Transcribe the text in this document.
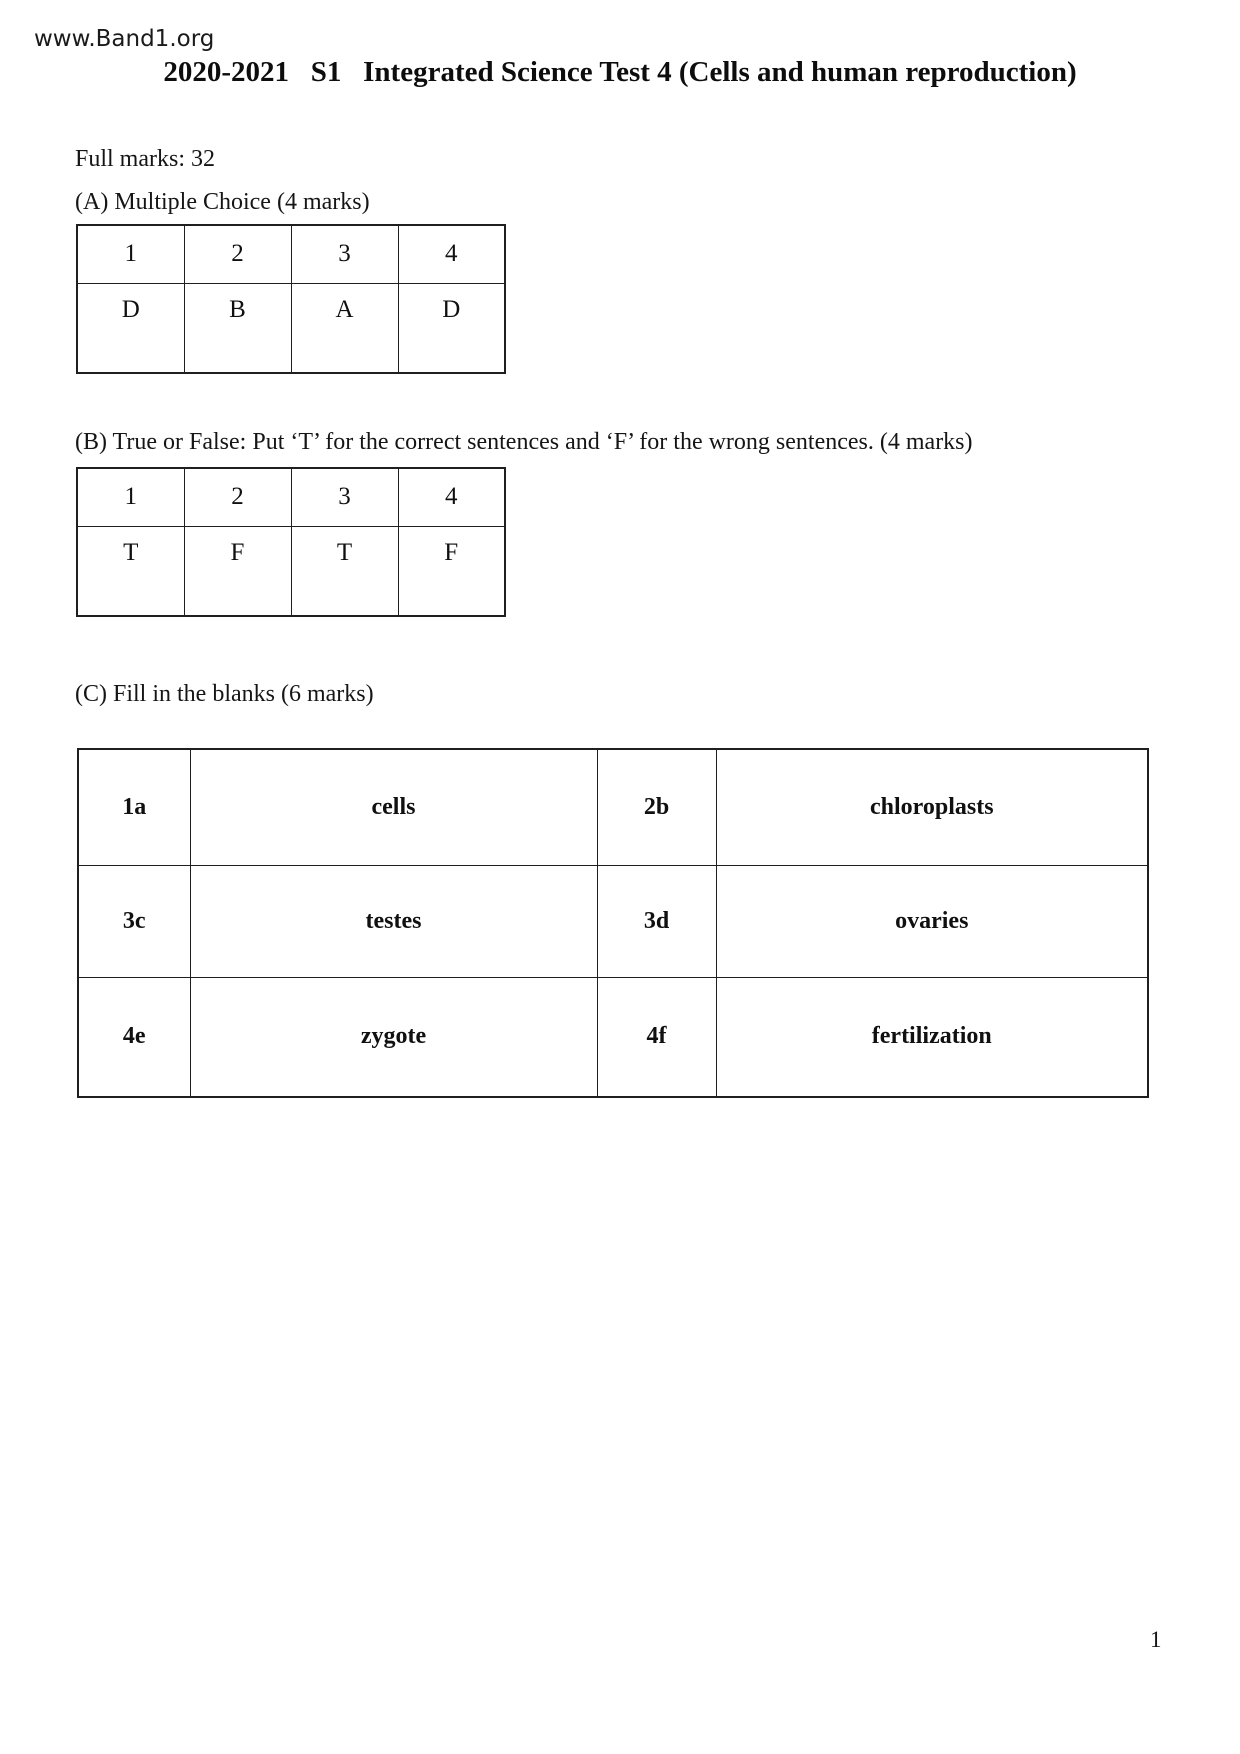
www.Band1.org
2020-2021   S1   Integrated Science Test 4 (Cells and human reproduction)
Full marks: 32
(A) Multiple Choice (4 marks)
1	2	3	4
D	B	A	D
(B) True or False: Put ‘T’ for the correct sentences and ‘F’ for the wrong sentences. (4 marks)
1	2	3	4
T	F	T	F
(C) Fill in the blanks (6 marks)
1a	cells	2b	chloroplasts
3c	testes	3d	ovaries
4e	zygote	4f	fertilization
1
